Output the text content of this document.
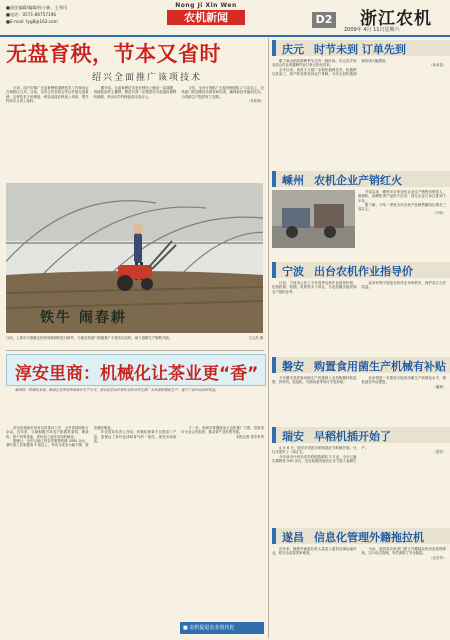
■责任编辑/编辑/孙小新、王秀风
■电话：0571-86757196
■E-mail: tyg8@163.com
Nong Ji Xin Wen
农机新闻	D2 浙江农机
2009年 4月 11日星期六
无盘育秧，节本又省时
绍兴全面推广该项技术

日前，绍兴市推广无盘育秧机插秧技术工作现场会在柯桥区召开。目前，全市已有农机合作社开展无盘育秧，这种技术不用秧盘，秧苗直接在秧床上培育，既节约成本又省工省时。

据介绍，无盘育秧技术是在秧田上铺设一层薄膜，再铺放营养土播种，秧苗长到一定程度后可直接用插秧机栽插，每亩可节约秧盘成本近百元。

今年，全市计划推广无盘育秧面积 2 万亩以上，农机部门将加强技术指导和培训，确保新技术落到实处，为春耕生产提供有力支撑。

（朱松林）

铁牛 闹春耕
日前，上虞市丰惠镇农民使用微耕机进行耕作，当地农机部门积极推广小型实用农机，助力春耕生产顺利开展。	王云杰 摄
淳安里商：机械化让茶业更“香”

编者按：机械化采茶、制茶正在改变传统茶叶生产方式，淳安县里商乡依托农机合作社推广名优茶机械化生产，提升了茶叶品质和效益。

淳安县里商乡是有名的茶叶之乡，全乡茶园面积万余亩。近年来，当地积极引导农户添置采茶机、理条机、烘干机等设备，茶叶加工逐步实现机械化。

据统计，全乡目前已有各类制茶机械 2000 余台，茶叶加工效率提高 3 倍以上，劳动力成本大幅下降，茶农增收明显。

乡农技站负责人介绍，机械化制茶不仅提高了产量，更保证了茶叶色泽和香气的一致性，深受市场欢迎。

下一步，里商乡将继续加大农机推广力度，培育茶叶专业合作组织，推动茶产业转型升级。

本报记者 茶乡采风

■ 农机促进农业现代化
庆元 时节未到 订单先到

眼下离水稻机插秧季节还有一段时间，庆元县多家农机合作社的插秧作业订单已纷至沓来。

去年以来，该县大力推广水稻机插秧技术，机插秧以其省工、高产的优势受到农户青睐，今年全县机插面积有望大幅增加。

（吴米花）

嵊州 农机企业产销红火

开春以来，嵊州市多家农机企业生产销售形势喜人，微耕机、插秧机等产品供不应求，部分企业订单已排到下半年。

据了解，今年一季度全市农机产品销售额同比增长三成以上。

（小妙）

宁波 出台农机作业指导价

日前，宁波市公布了今年春季农机作业指导价格，包括机耕、机插、机防等多个项目，为农机服务组织和农户提供参考。

此举有利于规范农机作业市场秩序，保护双方合法权益。

磐安 购置食用菌生产机械有补贴

今年磐安县将食用菌生产机械纳入农机购置补贴范围，拌料机、装袋机、灭菌设备等均可享受补贴。

此举将进一步提高当地食用菌生产机械化水平，降低菇农劳动强度。

（潘林）

瑞安 早稻机插开始了

4 月 8 日，瑞安市首批早稻机插在马屿镇开插，比往年提早了一周左右。

今年该市计划完成早稻机插面积 3 万亩，全市已落实插秧机 500 余台，各农机服务组织正全力投入春耕生产。

（郑雪）

遂昌 信息化管理外籍拖拉机

近年来，随着外地拖拉机大量进入遂昌从事运输作业，给安全监管带来难度。

为此，遂昌县农机部门建立外籍拖拉机信息管理系统，实行动态管理，有效消除了安全隐患。

（毛学华）
